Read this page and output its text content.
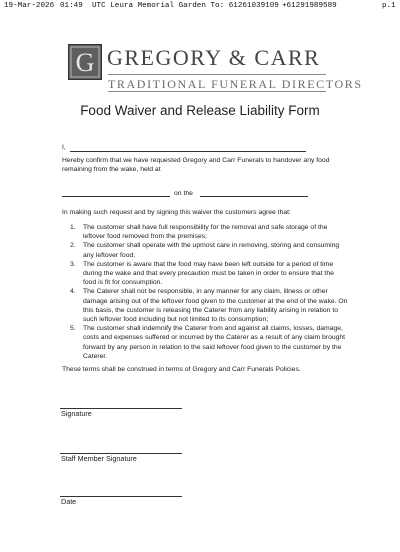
19-Mar-2026 01:49 UTC Leura Memorial Garden To: 61261039109 +61291989589	p.1
G GREGORY & CARR
TRADITIONAL FUNERAL DIRECTORS
Food Waiver and Release Liability Form
I,
Hereby confirm that we have requested Gregory and Carr Funerals to handover any food remaining from the wake, held at
on the
In making such request and by signing this waiver the customers agree that:
1. The customer shall have full responsibility for the removal and safe storage of the leftover food removed from the premises;
2. The customer shall operate with the upmost care in removing, storing and consuming any leftover food;
3. The customer is aware that the food may have been left outside for a period of time during the wake and that every precaution must be taken in order to ensure that the food is fit for consumption.
4. The Caterer shall not be responsible, in any manner for any claim, illness or other damage arising out of the leftover food given to the customer at the end of the wake. On this basis, the customer is releasing the Caterer from any liability arising in relation to such leftover food including but not limited to its consumption;
5. The customer shall indemnify the Caterer from and against all claims, losses, damage, costs and expenses suffered or incurred by the Caterer as a result of any claim brought forward by any person in relation to the said leftover food given to the customer by the Caterer.
These terms shall be construed in terms of Gregory and Carr Funerals Policies.
Signature
Staff Member Signature
Date
